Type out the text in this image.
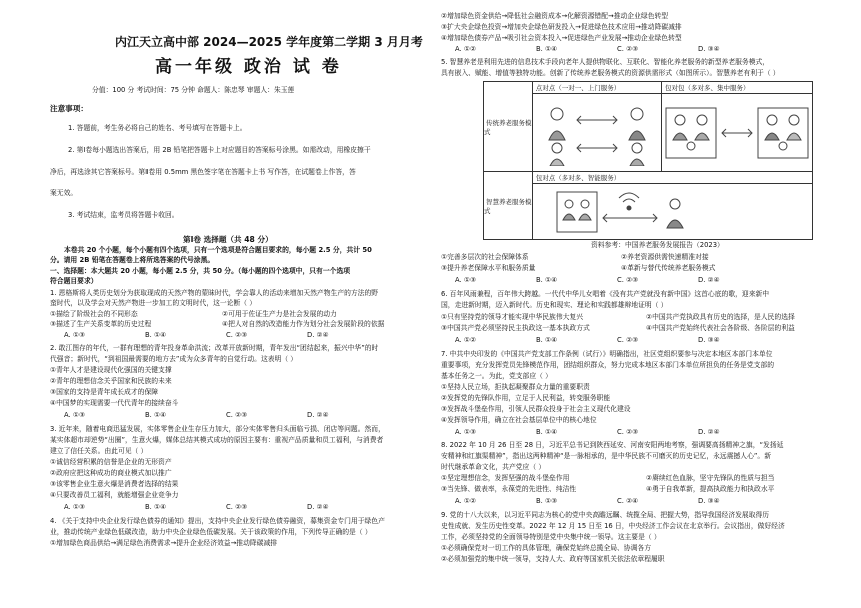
内江天立高中部 2024—2025 学年度第二学期 3 月月考
高一年级 政治 试 卷
分值：100 分 考试时间：75 分钟 命题人：陈忠琴 审题人：朱玉莲
注意事项：
1. 答题前，考生务必将自己的姓名、考号填写在答题卡上。
2. 第Ⅰ卷每小题选出答案后，用 2B 铅笔把答题卡上对应题目的答案标号涂黑。如需改动，用橡皮擦干
净后，再选涂其它答案标号。第Ⅱ卷用 0.5mm 黑色签字笔在答题卡上书 写作答，在试题卷上作答，答
案无效。
3. 考试结束，监考员将答题卡收回。
第Ⅰ卷 选择题（共 48 分）
本卷共 20 个小题，每个小题有四个选项，只有一个选项是符合题目要求的，每小题 2.5 分，共计 50
分。请用 2B 铅笔在答题卷上将所选答案的代号涂黑。
一、选择题：本大题共 20 小题，每小题 2.5 分，共 50 分。（每小题的四个选项中，只有一个选项
符合题目要求）
1. 恩格斯将人类历史划分为获取现成的天然产物的蒙昧时代，学会靠人的活动来增加天然产物生产的方法的野
蛮时代，以及学会对天然产物进一步加工的文明时代，这一论断（ ）
①描绘了阶级社会的不同形态	②可用于佐证生产力是社会发展的动力
③描述了生产关系变革的历史过程	④把人对自然的改造能力作为划分社会发展阶段的依据
A. ①③	B. ①④	C. ②③	D. ②④
2. 敢江图存的年代，一群有理想的青年投身革命洪流；改革开放新时期，青年发出“团结起来，振兴中华”的时
代强音；新时代，“到祖国最需要的地方去”成为众多青年的自觉行动。这表明（ ）
①青年人才是建设现代化强国的关键支撑
②青年的理想信念关乎国家和民族的未来
③国家的支持是青年成长成才的保障
④中国梦的实现需要一代代青年的接续奋斗
A. ①③	B. ①④	C. ②③	D. ②④
3. 近年来，随着电商迅猛发展，实体零售企业生存压力加大，部分实体零售归头面临亏损、闭店等问题。然而，
某实体超市却逆势“出圈”，生意火爆，媒体总结其模式成功的原因主要有：重视产品质量和员工福利，与消费者
建立了信任关系。由此可见（ ）
①诚信经营积累的信誉是企业的无形资产
②政府应把这种成功的商业模式加以推广
③该零售企业生意火爆是消费者选择的结果
④只要改善员工福利，就能增强企业竞争力
A. ①③	B. ①④	C. ②③	D. ②④
4. 《关于支持中央企业发行绿色债券的通知》提出，支持中央企业发行绿色债券融资，募集资金专门用于绿色产
业，推动传统产业绿色低碳改造，助力中央企业绿色低碳发展。关于该政策的作用，下列传导正确的是（ ）
①增加绿色商品供给→满足绿色消费需求→提升企业经济效益→推动降碳减排
②增加绿色资金供给→降低社会融资成本→化解资源错配→推动企业绿色转型
③扩大央企绿色投资→增加央企绿色研发投入→促进绿色技术应用→推动降碳减排
④增加绿色债券产品→吸引社会资本投入→促进绿色产业发展→推动企业绿色转型
A. ①②	B. ①④	C. ②③	D. ③④
5. 智慧养老是利用先进的信息技术手段向老年人提供物联化、互联化、智能化养老服务的新型养老服务模式，
具有嵌入、赋能、增值等独特功能。创新了传统养老服务模式的资源供需形式（如图所示）。智慧养老有利于（ ）
传统养老服务模式	点对点（一对一、上门服务）	包对包（多对多、集中服务）

智慧养老服务模式	包对点（多对多、智能服务）	

资料参考：中国养老服务发展报告（2023）
①完善多层次的社会保障体系	②养老资源供需快速精准对接
③提升养老保障水平和服务质量	④革新与替代传统养老服务模式
A. ①③	B. ①④	C. ②③	D. ②④
6. 百年风雨兼程，百年伟大跨越。一代代中华儿女唱着《没有共产党就没有新中国》这首心底的歌，迎来新中
国，走进新时期，迈入新时代。历史和现实、理论和实践都雄辩地证明（ ）
①只有坚持党的领导才能实现中华民族伟大复兴	②中国共产党执政具有历史的选择，是人民的选择
③中国共产党必须坚持民主执政这一基本执政方式	④中国共产党始终代表社会各阶级、各阶层的利益
A. ①②	B. ①④	C. ②③	D. ③④
7. 中共中央印发的《中国共产党支部工作条例（试行）》明确指出，社区党组织要参与决定本地区本部门本单位
重要事项，充分发挥党员先锋模范作用，团结组织群众，努力完成本地区本部门本单位所担负的任务是党支部的
基本任务之一。为此，党支部应（ ）
①坚持人民立场，拒执起凝聚群众力量的重要职责
②发挥党的先锋队作用，立足于人民利益，转变服务职能
③发挥战斗堡垒作用，引领人民群众投身于社会主义现代化建设
④发挥领导作用，确立在社会基层单位中的核心地位
A. ①③	B. ①④	C. ②③	D. ②④
8. 2022 年 10 月 26 日至 28 日，习近平总书记到陕西延安、河南安阳两地考察，强调要高扬精神之旗，“发扬延
安精神和红旗渠精神”，指出这两种精神“是一脉相承的，是中华民族不可磨灭的历史记忆，永远震撼人心”。新
时代继承革命文化，共产党应（ ）
①坚定理想信念，发挥坚强的战斗堡垒作用	②赓续红色血脉，坚守先锋队的性质与担当
③当先锋、做表率，永葆党的先进性、纯洁性	④勇于自我革新，提高执政能力和执政水平
A. ①②	B. ①③	C. ②④	D. ③④
9. 党的十八大以来，以习近平同志为核心的党中央高瞻远瞩、统揽全局、把握大势，指导我国经济发展取得历
史性成就、发生历史性变革。2022 年 12 月 15 日至 16 日，中央经济工作会议在北京举行。会议指出，做好经济
工作，必须坚持党的全面领导特别是党中央集中统一领导。这主要是（ ）
①必须确保党对一切工作的具体管理，确保党始终总揽全局、协调各方
②必须加强党的集中统一领导，支持人大、政府等国家机关依法依章程履职
